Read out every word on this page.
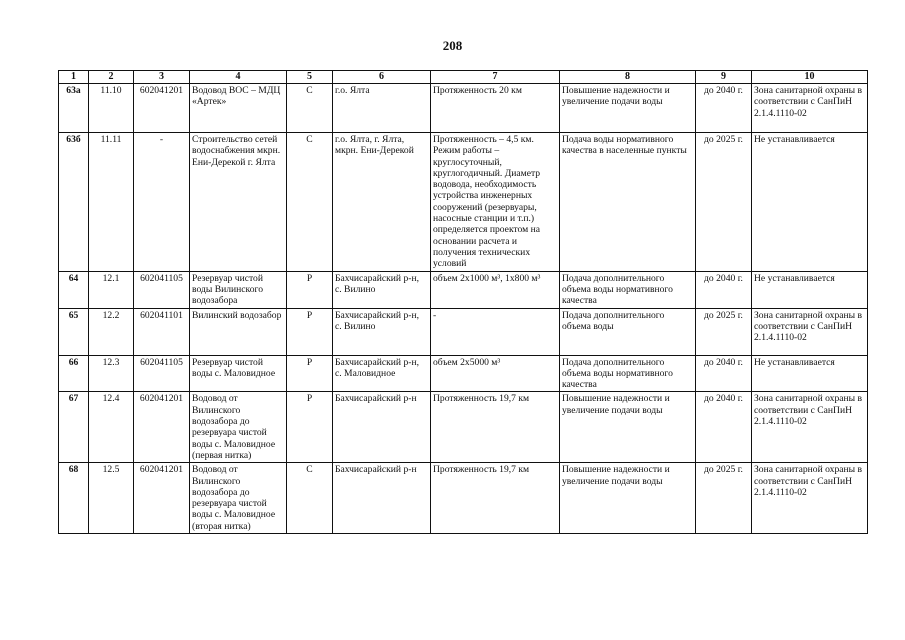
208
1	2	3	4	5	6	7	8	9	10
63а	11.10	602041201	Водовод ВОС – МДЦ «Артек»	С	г.о. Ялта	Протяженность 20 км	Повышение надежности и увеличение подачи воды	до 2040 г.	Зона санитарной охраны в соответствии с СанПиН 2.1.4.1110-02
63б	11.11	-	Строительство сетей водоснабжения мкрн. Ени-Дерекой г. Ялта	С	г.о. Ялта, г. Ялта, мкрн. Ени-Дерекой	Протяженность – 4,5 км. Режим работы – круглосуточный, круглогодичный. Диаметр водовода, необходимость устройства инженерных сооружений (резервуары, насосные станции и т.п.) определяется проектом на основании расчета и получения технических условий	Подача воды нормативного качества в населенные пункты	до 2025 г.	Не устанавливается
64	12.1	602041105	Резервуар чистой воды Вилинского водозабора	Р	Бахчисарайский р-н, с. Вилино	объем 2х1000 м³, 1х800 м³	Подача дополнительного объема воды нормативного качества	до 2040 г.	Не устанавливается
65	12.2	602041101	Вилинский водозабор	Р	Бахчисарайский р-н, с. Вилино	-	Подача дополнительного объема воды	до 2025 г.	Зона санитарной охраны в соответствии с СанПиН 2.1.4.1110-02
66	12.3	602041105	Резервуар чистой воды с. Маловидное	Р	Бахчисарайский р-н, с. Маловидное	объем 2х5000 м³	Подача дополнительного объема воды нормативного качества	до 2040 г.	Не устанавливается
67	12.4	602041201	Водовод от Вилинского водозабора до резервуара чистой воды с. Маловидное (первая нитка)	Р	Бахчисарайский р-н	Протяженность 19,7 км	Повышение надежности и увеличение подачи воды	до 2040 г.	Зона санитарной охраны в соответствии с СанПиН 2.1.4.1110-02
68	12.5	602041201	Водовод от Вилинского водозабора до резервуара чистой воды с. Маловидное (вторая нитка)	С	Бахчисарайский р-н	Протяженность 19,7 км	Повышение надежности и увеличение подачи воды	до 2025 г.	Зона санитарной охраны в соответствии с СанПиН 2.1.4.1110-02
